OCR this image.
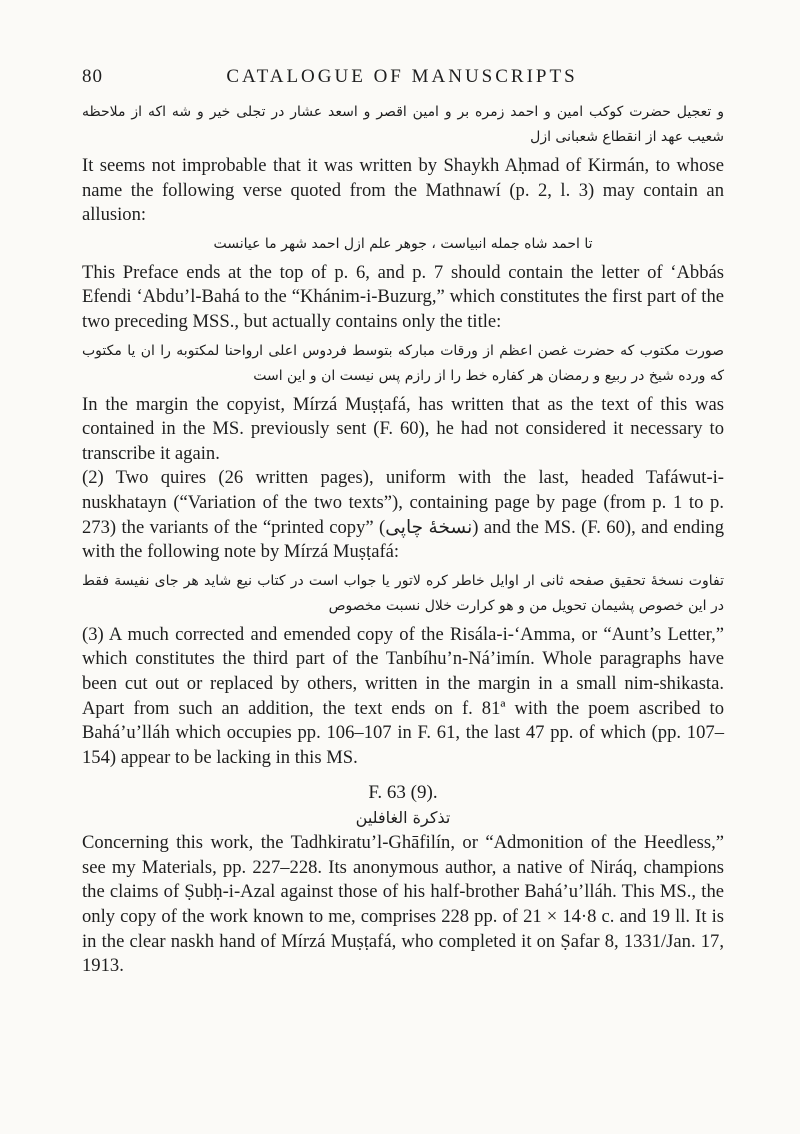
80	CATALOGUE OF MANUSCRIPTS

و تعجيل حضرت كوكب امين و احمد زمره بر و امين اقصر و اسعد عشار در تجلى خير و شه اكه از ملاحظه شعيب عهد از انقطاع شعبانى ازل

It seems not improbable that it was written by Shaykh Aḥmad of Kirmán, to whose name the following verse quoted from the Mathnawí (p. 2, l. 3) may contain an allusion:

تا احمد شاه جمله انبياست ، جوهر علم ازل احمد شهر ما عيانست

This Preface ends at the top of p. 6, and p. 7 should contain the letter of ‘Abbás Efendi ‘Abdu’l-Bahá to the “Khánim-i-Buzurg,” which constitutes the first part of the two preceding MSS., but actually contains only the title:

صورت مکتوب که حضرت غصن اعظم از ورقات مبارکه بتوسط فردوس اعلی ارواحنا لمکتوبه را ان يا مكتوب که ورده شيخ در ربيع و رمضان هر كفاره خط را از رازم پس نيست ان و این است

In the margin the copyist, Mírzá Muṣṭafá, has written that as the text of this was contained in the MS. previously sent (F. 60), he had not considered it necessary to transcribe it again.

(2) Two quires (26 written pages), uniform with the last, headed Tafáwut-i-nuskhatayn (“Variation of the two texts”), containing page by page (from p. 1 to p. 273) the variants of the “printed copy” (نسخهٔ چاپی) and the MS. (F. 60), and ending with the following note by Mírzá Muṣṭafá:

تفاوت نسخهٔ تحقیق صفحه ثانی ار اوایل خاطر کره لاتور یا جواب است در کتاب نیع شاید هر جاى نفيسة فقط در اين خصوص پشیمان تحويل من و هو کرارت خلال نسبت مخصوص

(3) A much corrected and emended copy of the Risála-i-‘Amma, or “Aunt’s Letter,” which constitutes the third part of the Tanbíhu’n-Ná’imín. Whole paragraphs have been cut out or replaced by others, written in the margin in a small nim-shikasta. Apart from such an addition, the text ends on f. 81ª with the poem ascribed to Bahá’u’lláh which occupies pp. 106–107 in F. 61, the last 47 pp. of which (pp. 107–154) appear to be lacking in this MS.

F. 63 (9).

تذکرة الغافلين

Concerning this work, the Tadhkiratu’l-Ghāfilín, or “Admonition of the Heedless,” see my Materials, pp. 227–228. Its anonymous author, a native of Niráq, champions the claims of Ṣubḥ-i-Azal against those of his half-brother Bahá’u’lláh. This MS., the only copy of the work known to me, comprises 228 pp. of 21 × 14·8 c. and 19 ll. It is in the clear naskh hand of Mírzá Muṣṭafá, who completed it on Ṣafar 8, 1331/Jan. 17, 1913.
